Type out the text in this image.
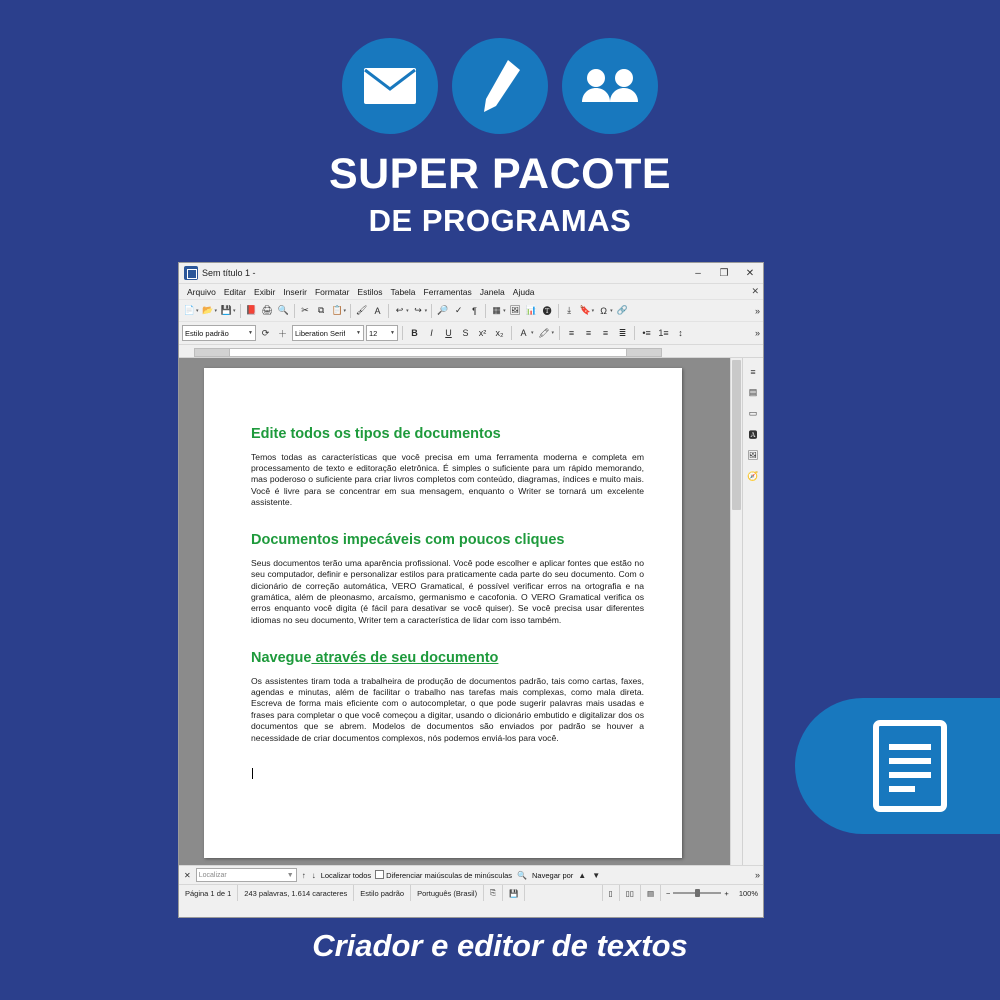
SUPER PACOTE
DE PROGRAMAS
Sem título 1 -	–	❐	✕
Arquivo Editar Exibir Inserir Formatar Estilos Tabela Ferramentas Janela Ajuda	✕
📄 ▾ 📂 ▾ 💾 ▾ 📕 🖨 🔍	✂	⧉ 📋 ▾ 🖌 A	↩ ▾ ↪ ▾ 🔎 ✓	¶	▦ ▾ 🖼 📊 🅣	⤓ 🔖 ▾ Ω ▾ 🔗	»
Estilo padrão	▼ ⟳ ＋	Liberation Serif ▼ 12	▼ B I U	S	x²	x₂	A ▾ 🖍 ▾	≡	≡	≡	≣	•≡ 1≡	↕	»

Edite todos os tipos de documentos

Temos todas as características que você precisa em uma ferramenta moderna e completa em processamento de texto e editoração eletrônica. É simples o suficiente para um rápido memorando, mas poderoso o suficiente para criar livros completos com conteúdo, diagramas, índices e muito mais. Você é livre para se concentrar em sua mensagem, enquanto o Writer se tornará um excelente assistente.

Documentos impecáveis com poucos cliques

Seus documentos terão uma aparência profissional. Você pode escolher e aplicar fontes que estão no seu computador, definir e personalizar estilos para praticamente cada parte do seu documento. Com o dicionário de correção automática, VERO Gramatical, é possível verificar erros na ortografia e na gramática, além de pleonasmo, arcaísmo, germanismo e cacofonia. O VERO Gramatical verifica os erros enquanto você digita (é fácil para desativar se você quiser). Se você precisa usar diferentes idiomas no seu documento, Writer tem a característica de lidar com isso também.

Navegue através de seu documento

Os assistentes tiram toda a trabalheira de produção de documentos padrão, tais como cartas, faxes, agendas e minutas, além de facilitar o trabalho nas tarefas mais complexas, como mala direta. Escreva de forma mais eficiente com o autocompletar, o que pode sugerir palavras mais usadas e frases para completar o que você começou a digitar, usando o dicionário embutido e digitalizar dos os documentos que se abrem. Modelos de documentos são enviados por padrão se houver a necessidade de criar documentos complexos, nós podemos enviá-los para você.

≡
▤
▭
🅰
🖼
🧭
✕ Localizar	▼ ↑ ↓ Localizar todos	Diferenciar maiúsculas de minúsculas 🔍 Navegar por ▲ ▼	»
Página 1 de 1	243 palavras, 1.614 caracteres	Estilo padrão	Português (Brasil)	⎘	💾	▯	▯▯	▤	−	+	100%
Criador e editor de textos
